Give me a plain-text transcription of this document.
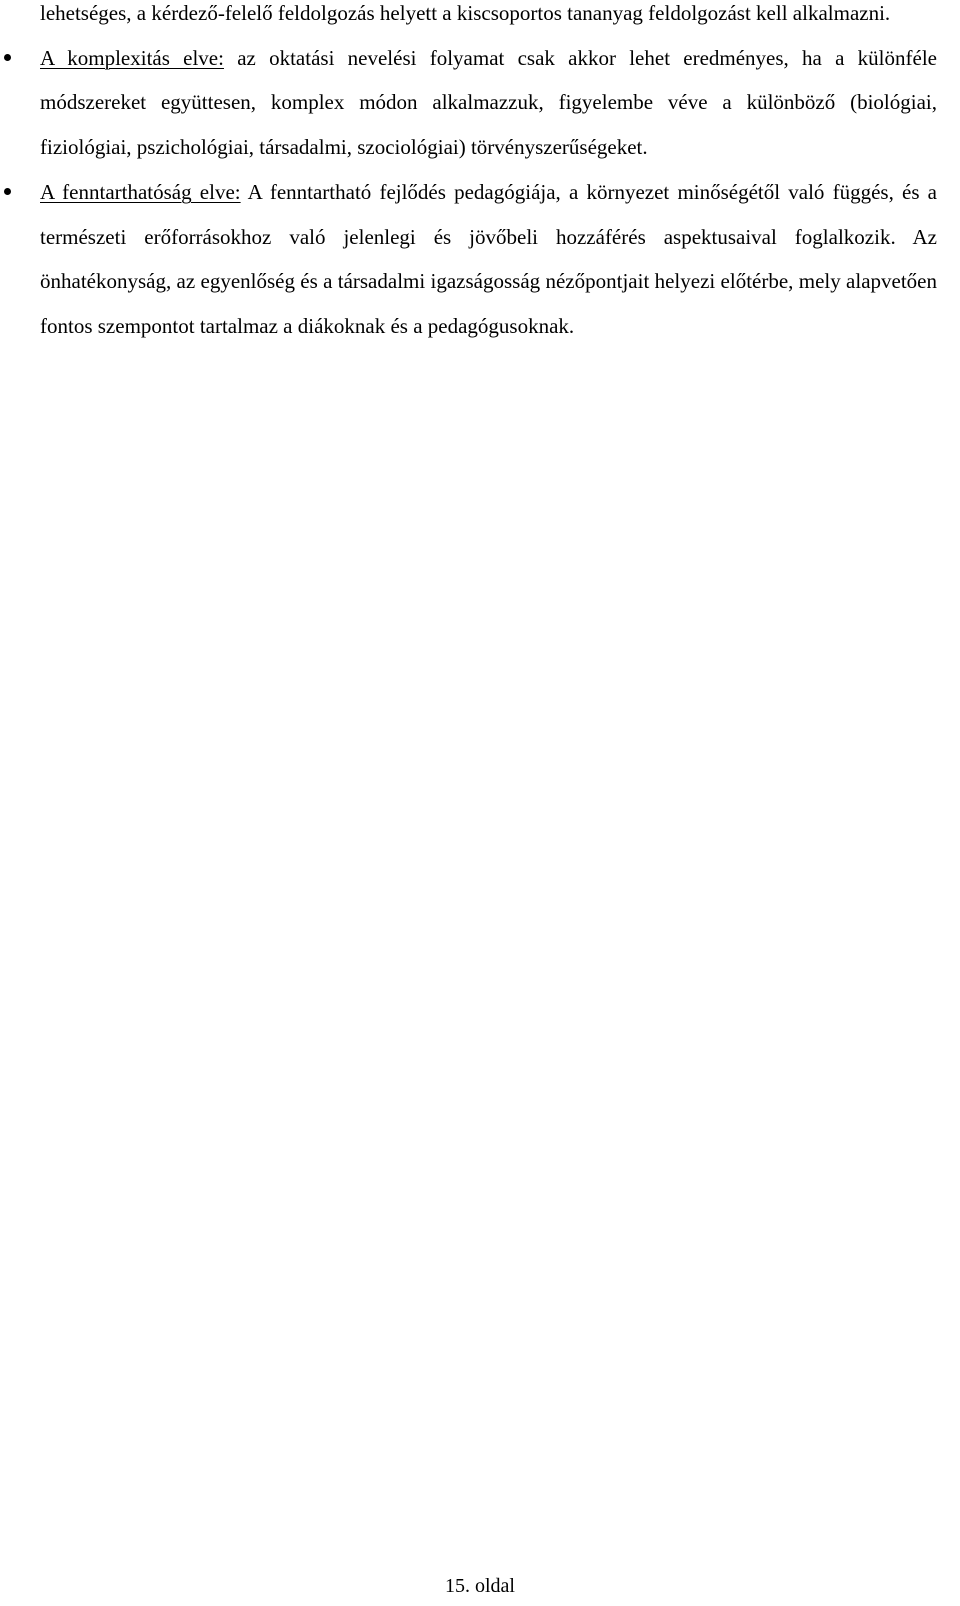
lehetséges, a kérdező-felelő feldolgozás helyett a kiscsoportos tananyag feldolgozást kell alkalmazni.

A komplexitás elve: az oktatási nevelési folyamat csak akkor lehet eredményes, ha a különféle módszereket együttesen, komplex módon alkalmazzuk, figyelembe véve a különböző (biológiai, fiziológiai, pszichológiai, társadalmi, szociológiai) törvényszerűségeket.
A fenntarthatóság elve: A fenntartható fejlődés pedagógiája, a környezet minőségétől való függés, és a természeti erőforrásokhoz való jelenlegi és jövőbeli hozzáférés aspektusaival foglalkozik. Az önhatékonyság, az egyenlőség és a társadalmi igazságosság nézőpontjait helyezi előtérbe, mely alapvetően fontos szempontot tartalmaz a diákoknak és a pedagógusoknak.
15. oldal
